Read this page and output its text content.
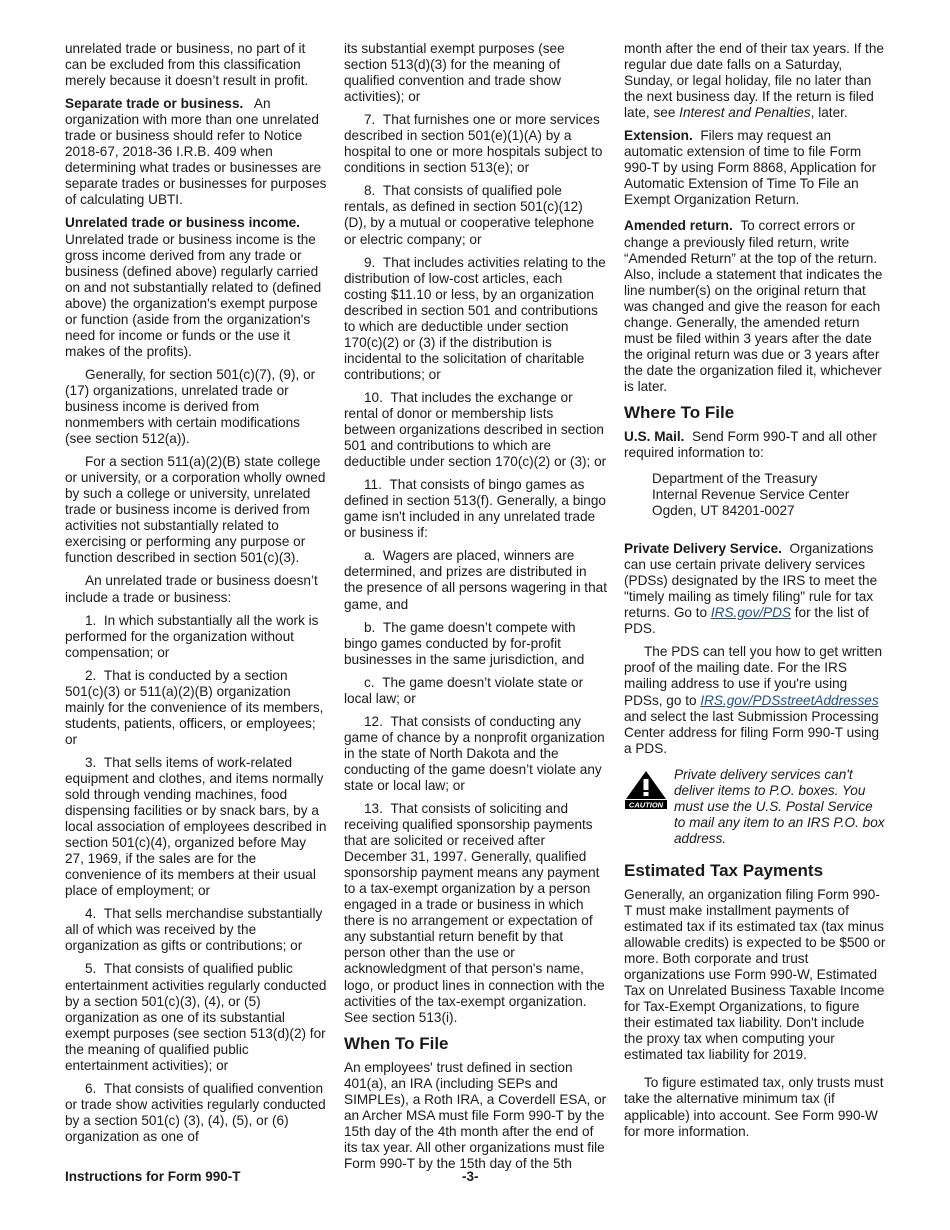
unrelated trade or business, no part of it can be excluded from this classification merely because it doesn’t result in profit.

Separate trade or business. An organization with more than one unrelated trade or business should refer to Notice 2018-67, 2018-36 I.R.B. 409 when determining what trades or businesses are separate trades or businesses for purposes of calculating UBTI.

Unrelated trade or business income. Unrelated trade or business income is the gross income derived from any trade or business (defined above) regularly carried on and not substantially related to (defined above) the organization's exempt purpose or function (aside from the organization's need for income or funds or the use it makes of the profits).

Generally, for section 501(c)(7), (9), or (17) organizations, unrelated trade or business income is derived from nonmembers with certain modifications (see section 512(a)).

For a section 511(a)(2)(B) state college or university, or a corporation wholly owned by such a college or university, unrelated trade or business income is derived from activities not substantially related to exercising or performing any purpose or function described in section 501(c)(3).

An unrelated trade or business doesn’t include a trade or business:

1. In which substantially all the work is performed for the organization without compensation; or

2. That is conducted by a section 501(c)(3) or 511(a)(2)(B) organization mainly for the convenience of its members, students, patients, officers, or employees; or

3. That sells items of work-related equipment and clothes, and items normally sold through vending machines, food dispensing facilities or by snack bars, by a local association of employees described in section 501(c)(4), organized before May 27, 1969, if the sales are for the convenience of its members at their usual place of employment; or

4. That sells merchandise substantially all of which was received by the organization as gifts or contributions; or

5. That consists of qualified public entertainment activities regularly conducted by a section 501(c)(3), (4), or (5) organization as one of its substantial exempt purposes (see section 513(d)(2) for the meaning of qualified public entertainment activities); or

6. That consists of qualified convention or trade show activities regularly conducted by a section 501(c) (3), (4), (5), or (6) organization as one of

its substantial exempt purposes (see section 513(d)(3) for the meaning of qualified convention and trade show activities); or

7. That furnishes one or more services described in section 501(e)(1)(A) by a hospital to one or more hospitals subject to conditions in section 513(e); or

8. That consists of qualified pole rentals, as defined in section 501(c)(12) (D), by a mutual or cooperative telephone or electric company; or

9. That includes activities relating to the distribution of low-cost articles, each costing $11.10 or less, by an organization described in section 501 and contributions to which are deductible under section 170(c)(2) or (3) if the distribution is incidental to the solicitation of charitable contributions; or

10. That includes the exchange or rental of donor or membership lists between organizations described in section 501 and contributions to which are deductible under section 170(c)(2) or (3); or

11. That consists of bingo games as defined in section 513(f). Generally, a bingo game isn't included in any unrelated trade or business if:

a. Wagers are placed, winners are determined, and prizes are distributed in the presence of all persons wagering in that game, and

b. The game doesn’t compete with bingo games conducted by for-profit businesses in the same jurisdiction, and

c. The game doesn’t violate state or local law; or

12. That consists of conducting any game of chance by a nonprofit organization in the state of North Dakota and the conducting of the game doesn’t violate any state or local law; or

13. That consists of soliciting and receiving qualified sponsorship payments that are solicited or received after December 31, 1997. Generally, qualified sponsorship payment means any payment to a tax-exempt organization by a person engaged in a trade or business in which there is no arrangement or expectation of any substantial return benefit by that person other than the use or acknowledgment of that person's name, logo, or product lines in connection with the activities of the tax-exempt organization. See section 513(i).

When To File

An employees' trust defined in section 401(a), an IRA (including SEPs and SIMPLEs), a Roth IRA, a Coverdell ESA, or an Archer MSA must file Form 990-T by the 15th day of the 4th month after the end of its tax year. All other organizations must file Form 990-T by the 15th day of the 5th

month after the end of their tax years. If the regular due date falls on a Saturday, Sunday, or legal holiday, file no later than the next business day. If the return is filed late, see Interest and Penalties, later.

Extension. Filers may request an automatic extension of time to file Form 990-T by using Form 8868, Application for Automatic Extension of Time To File an Exempt Organization Return.

Amended return. To correct errors or change a previously filed return, write “Amended Return” at the top of the return. Also, include a statement that indicates the line number(s) on the original return that was changed and give the reason for each change. Generally, the amended return must be filed within 3 years after the date the original return was due or 3 years after the date the organization filed it, whichever is later.

Where To File

U.S. Mail. Send Form 990-T and all other required information to:

Department of the Treasury
Internal Revenue Service Center
Ogden, UT 84201-0027

Private Delivery Service. Organizations can use certain private delivery services (PDSs) designated by the IRS to meet the "timely mailing as timely filing" rule for tax returns. Go to IRS.gov/PDS for the list of PDS.

The PDS can tell you how to get written proof of the mailing date. For the IRS mailing address to use if you're using PDSs, go to IRS.gov/PDSstreetAddresses and select the last Submission Processing Center address for filing Form 990-T using a PDS.

CAUTION
Private delivery services can't deliver items to P.O. boxes. You must use the U.S. Postal Service to mail any item to an IRS P.O. box address.
Estimated Tax Payments

Generally, an organization filing Form 990-T must make installment payments of estimated tax if its estimated tax (tax minus allowable credits) is expected to be $500 or more. Both corporate and trust organizations use Form 990-W, Estimated Tax on Unrelated Business Taxable Income for Tax-Exempt Organizations, to figure their estimated tax liability. Don't include the proxy tax when computing your estimated tax liability for 2019.

To figure estimated tax, only trusts must take the alternative minimum tax (if applicable) into account. See Form 990-W for more information.

Instructions for Form 990-T	-3-
